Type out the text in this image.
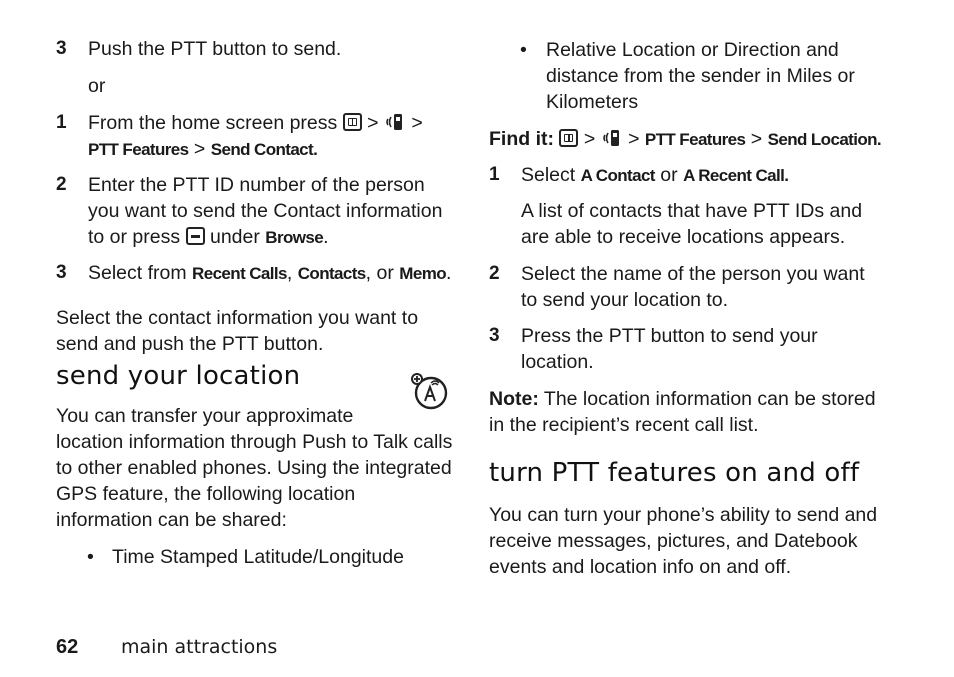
3 Push the PTT button to send.
or
1 From the home screen press > >
PTT Features > Send Contact.
2 Enter the PTT ID number of the person
you want to send the Contact information
to or press under Browse.
3 Select from Recent Calls, Contacts, or Memo.
Select the contact information you want to
send and push the PTT button.
send your location
You can transfer your approximate
location information through Push to Talk calls
to other enabled phones. Using the integrated
GPS feature, the following location
information can be shared:
• Time Stamped Latitude/Longitude
• Relative Location or Direction and
distance from the sender in Miles or
Kilometers
Find it: > > PTT Features > Send Location.
1 Select A Contact or A Recent Call.
A list of contacts that have PTT IDs and
are able to receive locations appears.
2 Select the name of the person you want
to send your location to.
3 Press the PTT button to send your
location.
Note: The location information can be stored
in the recipient’s recent call list.
turn PTT features on and off
You can turn your phone’s ability to send and
receive messages, pictures, and Datebook
events and location info on and off.
62 main attractions
